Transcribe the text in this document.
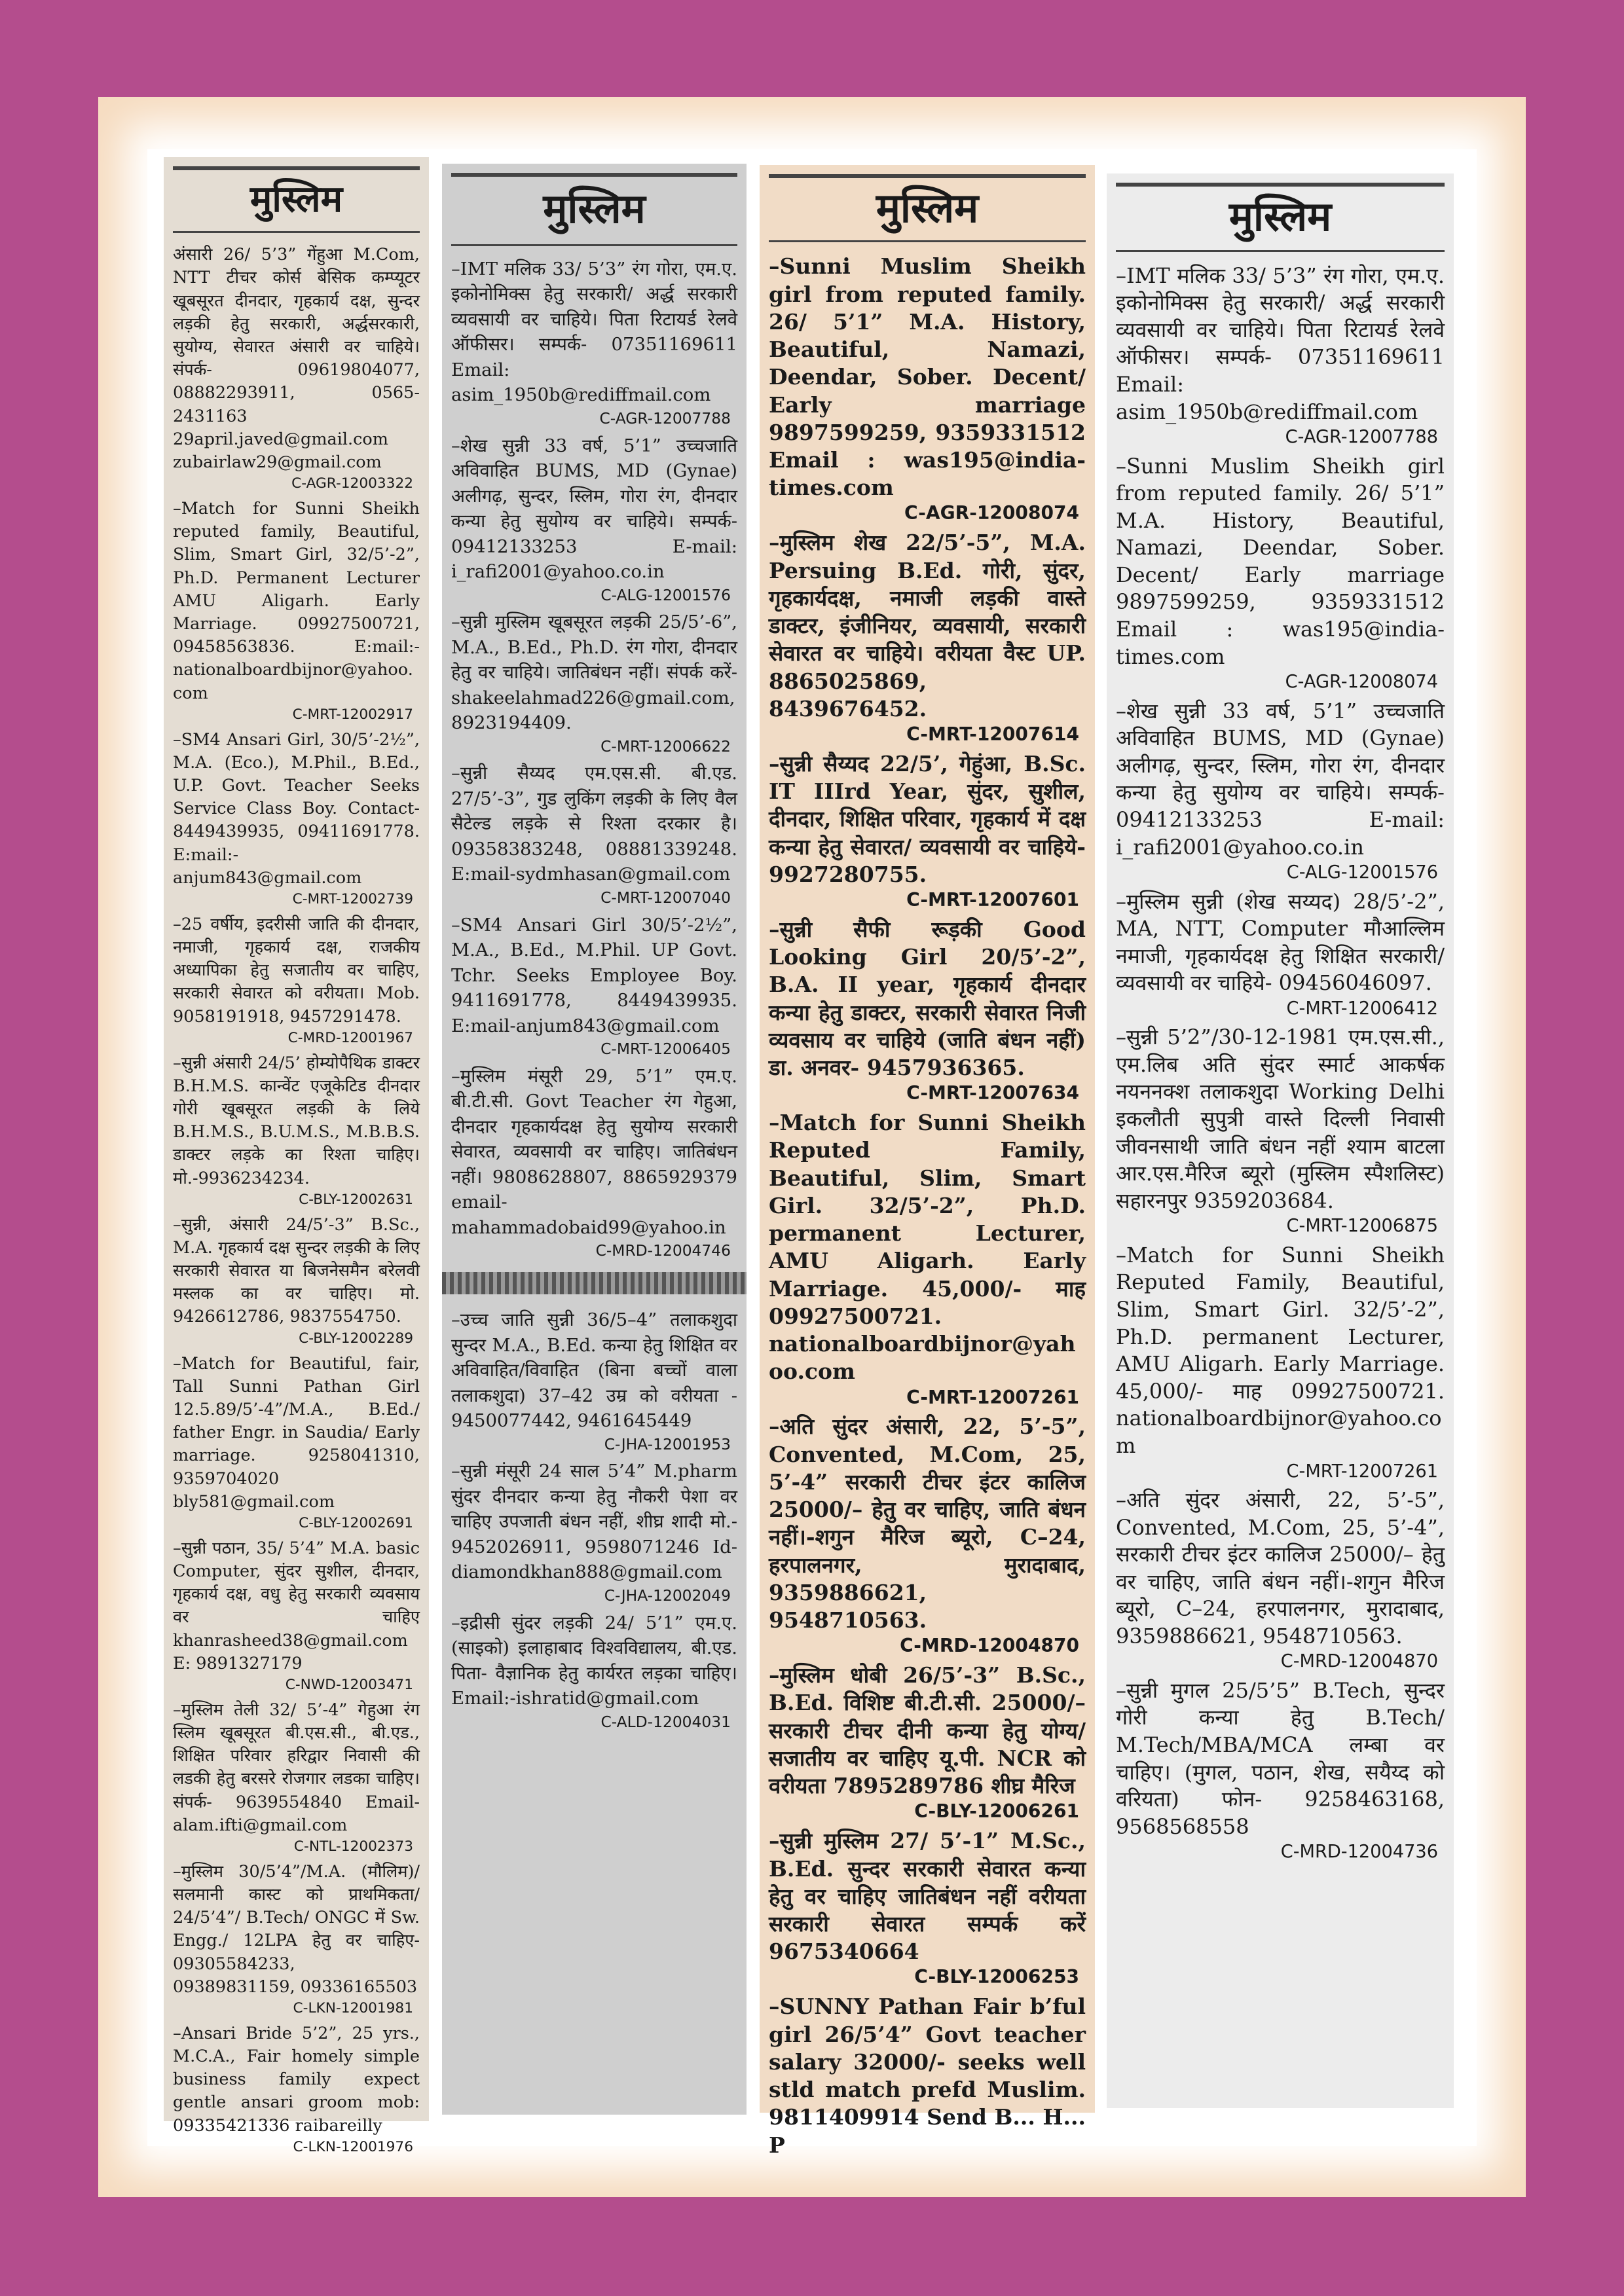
मुस्लिम

अंसारी 26/ 5’3” गेंहुआ M.Com, NTT टीचर कोर्स बेसिक कम्प्यूटर खूबसूरत दीनदार, गृहकार्य दक्ष, सुन्दर लड़की हेतु सरकारी, अर्द्धसरकारी, सुयोग्य, सेवारत अंसारी वर चाहिये। संपर्क- 09619804077, 08882293911, 0565-2431163 29april.javed@gmail.com zubairlaw29@gmail.com

C-AGR-12003322

–Match for Sunni Sheikh reputed family, Beautiful, Slim, Smart Girl, 32/5’-2”, Ph.D. Permanent Lecturer AMU Aligarh. Early Marriage. 09927500721, 09458563836. E:mail:-nationalboardbijnor@yahoo.com

C-MRT-12002917

–SM4 Ansari Girl, 30/5’-2½”, M.A. (Eco.), M.Phil., B.Ed., U.P. Govt. Teacher Seeks Service Class Boy. Contact- 8449439935, 09411691778. E:mail:-anjum843@gmail.com

C-MRT-12002739

–25 वर्षीय, इदरीसी जाति की दीनदार, नमाजी, गृहकार्य दक्ष, राजकीय अध्यापिका हेतु सजातीय वर चाहिए, सरकारी सेवारत को वरीयता। Mob. 9058191918, 9457291478.

C-MRD-12001967

–सुन्नी अंसारी 24/5’ होम्योपैथिक डाक्टर B.H.M.S. कान्वेंट एजूकेटिड दीनदार गोरी खूबसूरत लड़की के लिये B.H.M.S., B.U.M.S., M.B.B.S. डाक्टर लड़के का रिश्ता चाहिए। मो.-9936234234.

C-BLY-12002631

–सुन्नी, अंसारी 24/5’-3” B.Sc., M.A. गृहकार्य दक्ष सुन्दर लड़की के लिए सरकारी सेवारत या बिजनेसमैन बरेलवी मस्लक का वर चाहिए। मो. 9426612786, 9837554750.

C-BLY-12002289

–Match for Beautiful, fair, Tall Sunni Pathan Girl 12.5.89/5’-4”/M.A., B.Ed./ father Engr. in Saudia/ Early marriage. 9258041310, 9359704020 bly581@gmail.com

C-BLY-12002691

–सुन्नी पठान, 35/ 5’4” M.A. basic Computer, सुंदर सुशील, दीनदार, गृहकार्य दक्ष, वधु हेतु सरकारी व्यवसाय वर चाहिए khanrasheed38@gmail.com E: 9891327179

C-NWD-12003471

–मुस्लिम तेली 32/ 5’-4” गेहुआ रंग स्लिम खूबसूरत बी.एस.सी., बी.एड., शिक्षित परिवार हरिद्वार निवासी की लडकी हेतु बरसरे रोजगार लडका चाहिए। संपर्क- 9639554840 Email-alam.ifti@gmail.com

C-NTL-12002373

–मुस्लिम 30/5’4”/M.A. (मौलिम)/ सलमानी कास्ट को प्राथमिकता/ 24/5’4”/ B.Tech/ ONGC में Sw. Engg./ 12LPA हेतु वर चाहिए- 09305584233, 09389831159, 09336165503

C-LKN-12001981

–Ansari Bride 5’2”, 25 yrs., M.C.A., Fair homely simple business family expect gentle ansari groom mob: 09335421336 raibareilly

C-LKN-12001976
मुस्लिम

–IMT मलिक 33/ 5’3” रंग गोरा, एम.ए. इकोनोमिक्स हेतु सरकारी/ अर्द्ध सरकारी व्यवसायी वर चाहिये। पिता रिटायर्ड रेलवे ऑफीसर। सम्पर्क- 07351169611 Email: asim_1950b@rediffmail.com

C-AGR-12007788

–शेख सुन्नी 33 वर्ष, 5’1” उच्चजाति अविवाहित BUMS, MD (Gynae) अलीगढ़, सुन्दर, स्लिम, गोरा रंग, दीनदार कन्या हेतु सुयोग्य वर चाहिये। सम्पर्क- 09412133253 E-mail: i_rafi2001@yahoo.co.in

C-ALG-12001576

–सुन्नी मुस्लिम खूबसूरत लड़की 25/5’-6”, M.A., B.Ed., Ph.D. रंग गोरा, दीनदार हेतु वर चाहिये। जातिबंधन नहीं। संपर्क करें- shakeelahmad226@gmail.com, 8923194409.

C-MRT-12006622

–सुन्नी सैय्यद एम.एस.सी. बी.एड. 27/5’-3”, गुड लुकिंग लड़की के लिए वैल सैटेल्ड लड़के से रिश्ता दरकार है। 09358383248, 08881339248. E:mail-sydmhasan@gmail.com

C-MRT-12007040

–SM4 Ansari Girl 30/5’-2½”, M.A., B.Ed., M.Phil. UP Govt. Tchr. Seeks Employee Boy. 9411691778, 8449439935. E:mail-anjum843@gmail.com

C-MRT-12006405

–मुस्लिम मंसूरी 29, 5’1” एम.ए. बी.टी.सी. Govt Teacher रंग गेहुआ, दीनदार गृहकार्यदक्ष हेतु सुयोग्य सरकारी सेवारत, व्यवसायी वर चाहिए। जातिबंधन नहीं। 9808628807, 8865929379 email-mahammadobaid99@yahoo.in

C-MRD-12004746

–उच्च जाति सुन्नी 36/5–4” तलाकशुदा सुन्दर M.A., B.Ed. कन्या हेतु शिक्षित वर अविवाहित/विवाहित (बिना बच्चों वाला तलाकशुदा) 37–42 उम्र को वरीयता - 9450077442, 9461645449

C-JHA-12001953

–सुन्नी मंसूरी 24 साल 5’4” M.pharm सुंदर दीनदार कन्या हेतु नौकरी पेशा वर चाहिए उपजाती बंधन नहीं, शीघ्र शादी मो.- 9452026911, 9598071246 Id-diamondkhan888@gmail.com

C-JHA-12002049

–इद्रीसी सुंदर लड़की 24/ 5’1” एम.ए. (साइको) इलाहाबाद विश्वविद्यालय, बी.एड. पिता- वैज्ञानिक हेतु कार्यरत लड़का चाहिए। Email:-ishratid@gmail.com

C-ALD-12004031
मुस्लिम

–Sunni Muslim Sheikh girl from reputed family. 26/ 5’1” M.A. History, Beautiful, Namazi, Deendar, Sober. Decent/ Early marriage 9897599259, 9359331512 Email : was195@india-times.com

C-AGR-12008074

–मुस्लिम शेख 22/5’-5”, M.A. Persuing B.Ed. गोरी, सुंदर, गृहकार्यदक्ष, नमाजी लड़की वास्ते डाक्टर, इंजीनियर, व्यवसायी, सरकारी सेवारत वर चाहिये। वरीयता वैस्ट UP. 8865025869, 8439676452.

C-MRT-12007614

–सुन्नी सैय्यद 22/5’, गेहुंआ, B.Sc. IT IIIrd Year, सुंदर, सुशील, दीनदार, शिक्षित परिवार, गृहकार्य में दक्ष कन्या हेतु सेवारत/ व्यवसायी वर चाहिये- 9927280755.

C-MRT-12007601

–सुन्नी सैफी रूड़की Good Looking Girl 20/5’-2”, B.A. II year, गृहकार्य दीनदार कन्या हेतु डाक्टर, सरकारी सेवारत निजी व्यवसाय वर चाहिये (जाति बंधन नहीं) डा. अनवर- 9457936365.

C-MRT-12007634

–Match for Sunni Sheikh Reputed Family, Beautiful, Slim, Smart Girl. 32/5’-2”, Ph.D. permanent Lecturer, AMU Aligarh. Early Marriage. 45,000/- माह 09927500721. nationalboardbijnor@yahoo.com

C-MRT-12007261

–अति सुंदर अंसारी, 22, 5’-5”, Convented, M.Com, 25, 5’-4” सरकारी टीचर इंटर कालिज 25000/– हेतु वर चाहिए, जाति बंधन नहीं।-शगुन मैरिज ब्यूरो, C–24, हरपालनगर, मुरादाबाद, 9359886621, 9548710563.

C-MRD-12004870

–मुस्लिम धोबी 26/5’-3” B.Sc., B.Ed. विशिष्ट बी.टी.सी. 25000/– सरकारी टीचर दीनी कन्या हेतु योग्य/ सजातीय वर चाहिए यू.पी. NCR को वरीयता 7895289786 शीघ्र मैरिज

C-BLY-12006261

–सुन्नी मुस्लिम 27/ 5’-1” M.Sc., B.Ed. सुन्दर सरकारी सेवारत कन्या हेतु वर चाहिए जातिबंधन नहीं वरीयता सरकारी सेवारत सम्पर्क करें 9675340664

C-BLY-12006253

–SUNNY Pathan Fair b’ful girl 26/5’4” Govt teacher salary 32000/- seeks well stld match prefd Muslim. 9811409914 Send B... H... P

मुस्लिम

–IMT मलिक 33/ 5’3” रंग गोरा, एम.ए. इकोनोमिक्स हेतु सरकारी/ अर्द्ध सरकारी व्यवसायी वर चाहिये। पिता रिटायर्ड रेलवे ऑफीसर। सम्पर्क- 07351169611 Email: asim_1950b@rediffmail.com

C-AGR-12007788

–Sunni Muslim Sheikh girl from reputed family. 26/ 5’1” M.A. History, Beautiful, Namazi, Deendar, Sober. Decent/ Early marriage 9897599259, 9359331512 Email : was195@india-times.com

C-AGR-12008074

–शेख सुन्नी 33 वर्ष, 5’1” उच्चजाति अविवाहित BUMS, MD (Gynae) अलीगढ़, सुन्दर, स्लिम, गोरा रंग, दीनदार कन्या हेतु सुयोग्य वर चाहिये। सम्पर्क- 09412133253 E-mail: i_rafi2001@yahoo.co.in

C-ALG-12001576

–मुस्लिम सुन्नी (शेख सय्यद) 28/5’-2”, MA, NTT, Computer मौआल्लिम नमाजी, गृहकार्यदक्ष हेतु शिक्षित सरकारी/ व्यवसायी वर चाहिये- 09456046097.

C-MRT-12006412

–सुन्नी 5’2”/30-12-1981 एम.एस.सी., एम.लिब अति सुंदर स्मार्ट आकर्षक नयननक्श तलाकशुदा Working Delhi इकलौती सुपुत्री वास्ते दिल्ली निवासी जीवनसाथी जाति बंधन नहीं श्याम बाटला आर.एस.मैरिज ब्यूरो (मुस्लिम स्पैशलिस्ट) सहारनपुर 9359203684.

C-MRT-12006875

–Match for Sunni Sheikh Reputed Family, Beautiful, Slim, Smart Girl. 32/5’-2”, Ph.D. permanent Lecturer, AMU Aligarh. Early Marriage. 45,000/- माह 09927500721. nationalboardbijnor@yahoo.com

C-MRT-12007261

–अति सुंदर अंसारी, 22, 5’-5”, Convented, M.Com, 25, 5’-4”, सरकारी टीचर इंटर कालिज 25000/– हेतु वर चाहिए, जाति बंधन नहीं।-शगुन मैरिज ब्यूरो, C–24, हरपालनगर, मुरादाबाद, 9359886621, 9548710563.

C-MRD-12004870

–सुन्नी मुगल 25/5’5” B.Tech, सुन्दर गोरी कन्या हेतु B.Tech/ M.Tech/MBA/MCA लम्बा वर चाहिए। (मुगल, पठान, शेख, सयैय्द को वरियता) फोन- 9258463168, 9568568558

C-MRD-12004736
